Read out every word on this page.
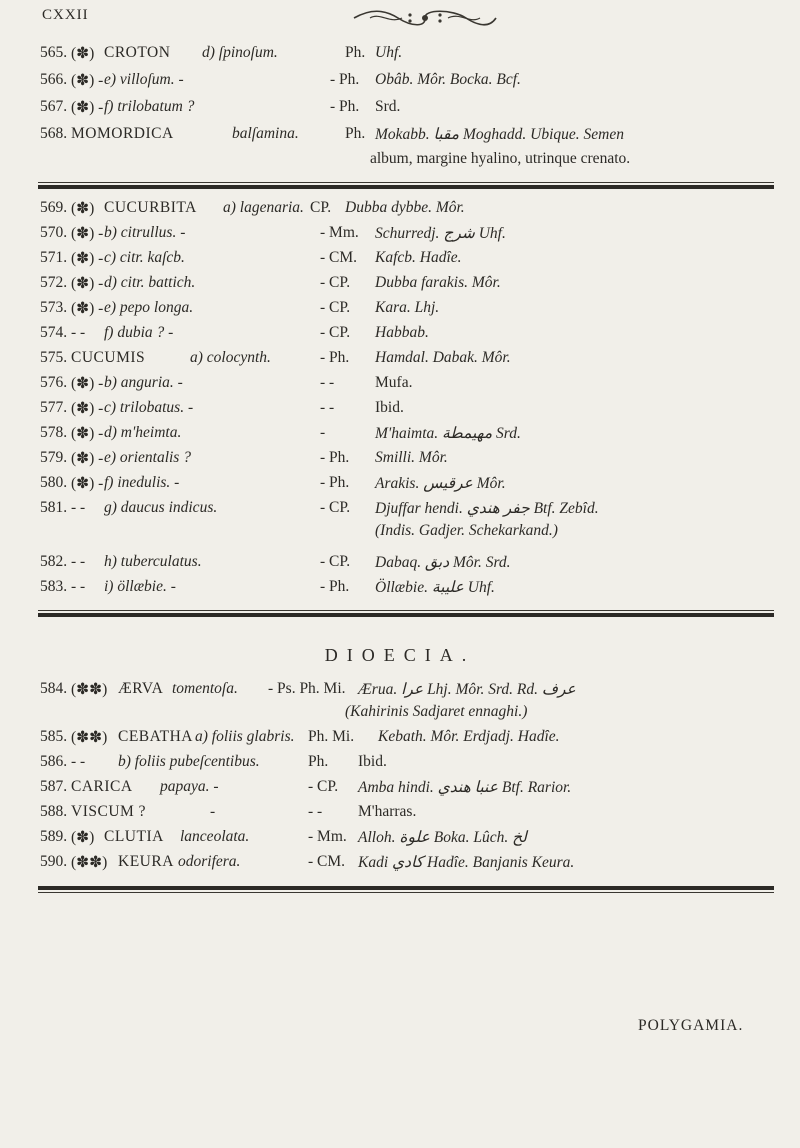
CXXII
565. (✽) CROTON d) ſpinoſum.	Ph. Uhf.
566. (✽) - e) villoſum. -	- Ph. Obâb. Môr. Bocka. Bcf.
567. (✽) - f) trilobatum ?	- Ph. Srd.
568. MOMORDICA	balſamina.	Ph. Mokabb. مقبا Moghadd. Ubique. Semen
album, margine hyalino, utrinque crenato.
569. (✽) CUCURBITA a) lagenaria. CP. Dubba dybbe. Môr.
570. (✽) - b) citrullus. -	- Mm. Schurredj. شرج Uhf.
571. (✽) - c) citr. kaſcb.	- CM. Kafcb. Hadîe.
572. (✽) - d) citr. battich.	- CP. Dubba farakis. Môr.
573. (✽) - e) pepo longa.	- CP. Kara. Lhj.
574. - - f) dubia ? -	- CP. Habbab.
575. CUCUMIS	a) colocynth.	- Ph. Hamdal. Dabak. Môr.
576. (✽) - b) anguria. -	- -	Mufa.
577. (✽) - c) trilobatus. -	- -	Ibid.
578. (✽) - d) m'heimta.	-	M'haimta. مهيمطة Srd.
579. (✽) - e) orientalis ?	- Ph. Smilli. Môr.
580. (✽) - f) inedulis. -	- Ph. Arakis. عرقيس Môr.
581. - - g) daucus indicus.	- CP. Djuffar hendi. جفر هندي Btf. Zebîd.
(Indis. Gadjer. Schekarkand.)
582. - - h) tuberculatus.	- CP. Dabaq. دبق Môr. Srd.
583. - - i) öllæbie. -	- Ph. Öllæbie. عليبة Uhf.
DIOECIA.
584. (✽✽) ÆRVA tomentoſa. - Ps. Ph. Mi. Ærua. عرا Lhj. Môr. Srd. Rd. عرف
(Kahirinis Sadjaret ennaghi.)
585. (✽✽) CEBATHA a) foliis glabris. Ph. Mi. Kebath. Môr. Erdjadj. Hadîe.
586. - - b) foliis pubeſcentibus.	Ph. Ibid.
587. CARICA papaya. -	- CP. Amba hindi. عنبا هندي Btf. Rarior.
588. VISCUM ?	-	- - M'harras.
589. (✽) CLUTIA lanceolata.	- Mm. Alloh. علوة Boka. Lûch. لخ
590. (✽✽) KEURA odorifera.	- CM. Kadi كادي Hadîe. Banjanis Keura.
POLYGAMIA.
